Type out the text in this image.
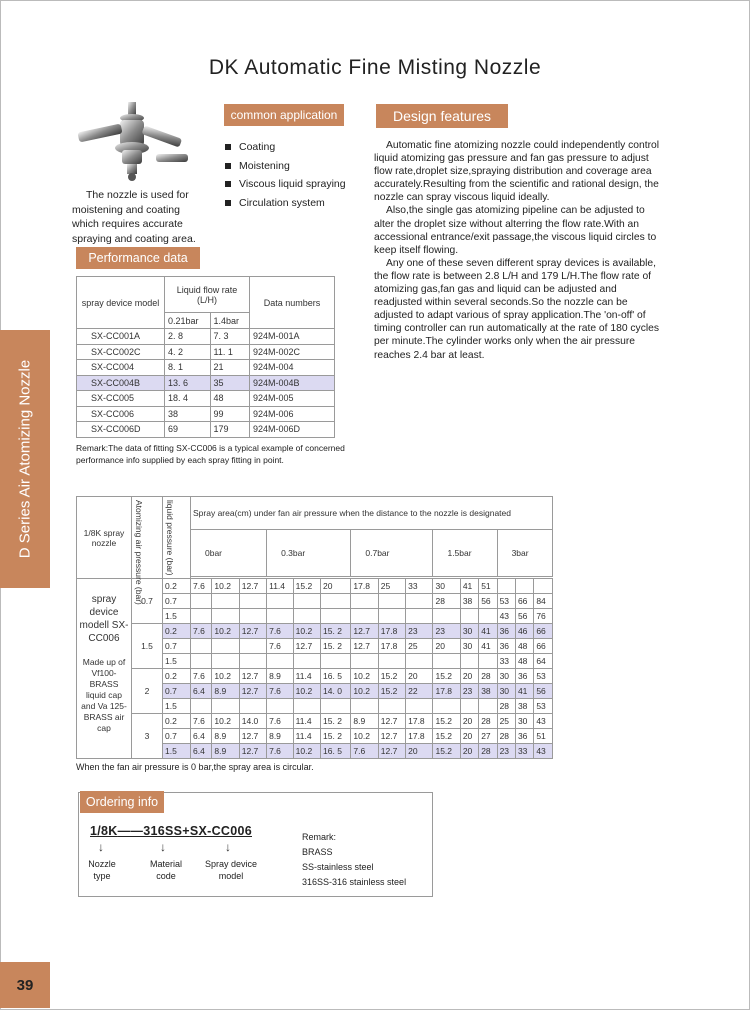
DK Automatic Fine Misting Nozzle
D Series Air Atomizing Nozzle
39

The nozzle is used for moistening and coating which requires accurate spraying and coating area.

common application
Coating
Moistening
Viscous liquid spraying
Circulation system
Design features

Automatic fine atomizing nozzle could independently control liquid atomizing gas pressure and fan gas pressure to adjust flow rate,droplet size,spraying distribution and coverage area accurately.Resulting from the scientific and rational design, the nozzle can spray viscous liquid ideally.

Also,the single gas atomizing pipeline can be adjusted to alter the droplet size without alterring the flow rate.With an accessional entrance/exit passage,the viscous liquid circles to keep itself flowing.

Any one of these seven different spray devices is available, the flow rate is between 2.8 L/H and 179 L/H.The flow rate of atomizing gas,fan gas and liquid can be adjusted and readjusted within several seconds.So the nozzle can be adjusted to adapt various of spray application.The 'on-off' of timing controller can run automatically at the rate of 180 cycles per minute.The cylinder works only when the air pressure reaches 2.4 bar at least.

Performance data
spray device model	Liquid flow rate (L/H)		Data numbers
	0.21bar	1.4bar	
SX-CC001A	2. 8	7. 3	924M-001A
SX-CC002C	4. 2	11. 1	924M-002C
SX-CC004	8. 1	21	924M-004
SX-CC004B	13. 6	35	924M-004B
SX-CC005	18. 4	48	924M-005
SX-CC006	38	99	924M-006
SX-CC006D	69	179	924M-006D
Remark:The data of fitting SX-CC006 is a typical example of concerned performance info supplied by each spray fitting in point.
1/8K spray nozzle	Atomizing air pressure (bar)	liquid pressure (bar)	Spray area(cm) under fan air pressure when the distance to the nozzle is designated														
			0bar			0.3bar			0.7bar			1.5bar			3bar		

spray device modell SX-CC006
Made up of Vf100-BRASS liquid cap and Va 125-BRASS air cap	0.7	0.2	7.6	10.2	12.7	11.4	15.2	20	17.8	25	33	30	41	51			
		0.7										28	38	56	53	66	84
		1.5													43	56	76
	1.5	0.2	7.6	10.2	12.7	7.6	10.2	15. 2	12.7	17.8	23	23	30	41	36	46	66
		0.7				7.6	12.7	15. 2	12.7	17.8	25	20	30	41	36	48	66
		1.5													33	48	64
	2	0.2	7.6	10.2	12.7	8.9	11.4	16. 5	10.2	15.2	20	15.2	20	28	30	36	53
		0.7	6.4	8.9	12.7	7.6	10.2	14. 0	10.2	15.2	22	17.8	23	38	30	41	56
		1.5													28	38	53
	3	0.2	7.6	10.2	14.0	7.6	11.4	15. 2	8.9	12.7	17.8	15.2	20	28	25	30	43
		0.7	6.4	8.9	12.7	8.9	11.4	15. 2	10.2	12.7	17.8	15.2	20	27	28	36	51
		1.5	6.4	8.9	12.7	7.6	10.2	16. 5	7.6	12.7	20	15.2	20	28	23	33	43
When the fan air pressure is 0 bar,the spray area is circular.
Ordering info
1/8K——316SS+SX-CC006
↓	↓	↓
Nozzle type
Material code
Spray device model
Remark:
BRASS
SS-stainless steel
316SS-316 stainless steel
